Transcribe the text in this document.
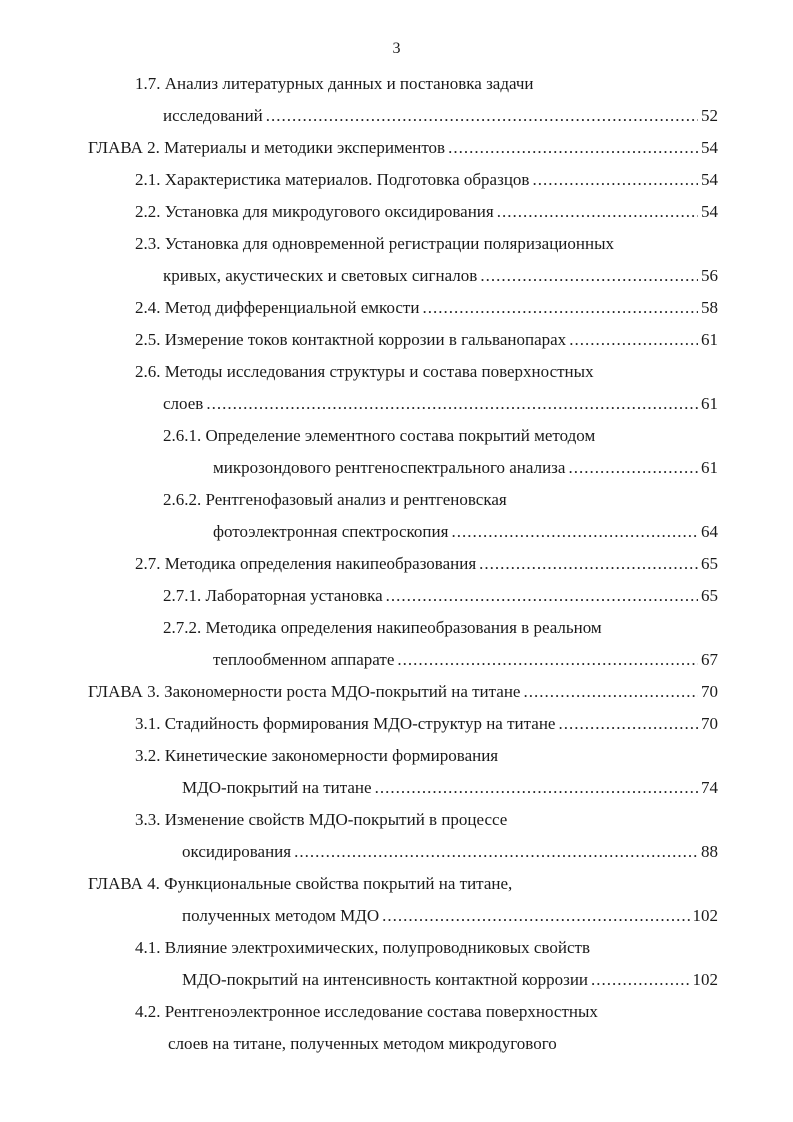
3
1.7. Анализ литературных данных и постановка задачи
исследований .....	52
ГЛАВА 2. Материалы и методики экспериментов .....	54
2.1. Характеристика материалов. Подготовка образцов .....	54
2.2. Установка для микродугового оксидирования .....	54
2.3. Установка для одновременной регистрации поляризационных
кривых, акустических и световых сигналов .....	56
2.4. Метод дифференциальной емкости .....	58
2.5. Измерение токов контактной коррозии в гальванопарах .....	61
2.6. Методы исследования структуры и состава поверхностных
слоев .....	61
2.6.1. Определение элементного состава покрытий методом
микрозондового рентгеноспектрального анализа .....	61
2.6.2. Рентгенофазовый анализ и рентгеновская
фотоэлектронная спектроскопия .....	64
2.7. Методика определения накипеобразования .....	65
2.7.1. Лабораторная установка .....	65
2.7.2. Методика определения накипеобразования в реальном
теплообменном аппарате .....	67
ГЛАВА 3. Закономерности роста МДО-покрытий на титане .....	70
3.1. Стадийность формирования МДО-структур на титане .....	70
3.2. Кинетические закономерности формирования
МДО-покрытий на титане .....	74
3.3. Изменение свойств МДО-покрытий в процессе
оксидирования .....	88
ГЛАВА 4. Функциональные свойства покрытий на титане,
полученных методом МДО .....	102
4.1. Влияние электрохимических, полупроводниковых свойств
МДО-покрытий на интенсивность контактной коррозии .....	102
4.2. Рентгеноэлектронное исследование состава поверхностных
слоев на титане, полученных методом микродугового
